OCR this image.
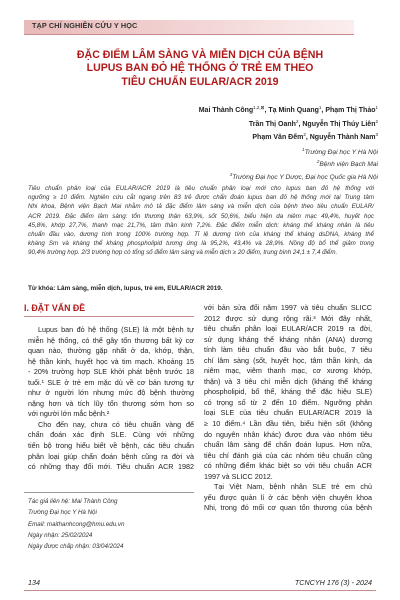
TẠP CHÍ NGHIÊN CỨU Y HỌC
ĐẶC ĐIỂM LÂM SÀNG VÀ MIỄN DỊCH CỦA BỆNH
LUPUS BAN ĐỎ HỆ THỐNG Ở TRẺ EM THEO
TIÊU CHUẨN EULAR/ACR 2019
Mai Thành Công$^{1,2,⊠}$, Tạ Minh Quang$^1$, Phạm Thị Thảo$^1$
Trần Thị Oanh$^2$, Nguyễn Thị Thúy Liên$^2$
Phạm Văn Đếm$^2$, Nguyễn Thành Nam$^3$
$^1$Trường Đại học Y Hà Nội
$^2$Bệnh viện Bạch Mai
$^3$Trường Đại học Y Dược, Đại học Quốc gia Hà Nội
Tiêu chuẩn phân loại của EULAR/ACR 2019 là tiêu chuẩn phân loại mới cho lupus ban đỏ hệ thống với
ngưỡng ≥ 10 điểm. Nghiên cứu cắt ngang trên 83 trẻ được chẩn đoán lupus ban đỏ hệ thống mới tại Trung tâm
Nhi khoa, Bệnh viện Bạch Mai nhằm mô tả đặc điểm lâm sàng và miễn dịch của bệnh theo tiêu chuẩn EULAR/
ACR 2019. Đặc điểm lâm sàng: tổn thương thận 63,9%, sốt 50,6%, biểu hiện da niêm mạc 49,4%, huyết học
45,8%, khớp 27,7%, thanh mạc 21,7%, tâm thần kinh 7,2%. Đặc điểm miễn dịch: kháng thể kháng nhân là tiêu
chuẩn đầu vào, dương tính trong 100% trường hợp. Tỉ lệ dương tính của kháng thể kháng dsDNA, kháng thể
kháng Sm và kháng thể kháng phospholipid tương ứng là 95,2%, 43,4% và 28,9%. Nồng độ bổ thể giảm trong
90,4% trường hợp. 2/3 trường hợp có tổng số điểm lâm sàng và miễn dịch ≥ 20 điểm, trung bình 24,1 ± 7,4 điểm.
Từ khóa: Lâm sàng, miễn dịch, lupus, trẻ em, EULAR/ACR 2019.
I. ĐẶT VẤN ĐỀ
Lupus ban đỏ hệ thống (SLE) là một bệnh tự
miễn hệ thống, có thể gây tổn thương bất kỳ cơ
quan nào, thường gặp nhất ở da, khớp, thận,
hệ thần kinh, huyết học và tim mạch. Khoảng 15
- 20% trường hợp SLE khởi phát bệnh trước 18
tuổi.¹ SLE ở trẻ em mặc dù về cơ bản tương tự
như ở người lớn nhưng mức độ bệnh thường
nặng hơn và tích lũy tổn thương sớm hơn so
với người lớn mắc bệnh.²
Cho đến nay, chưa có tiêu chuẩn vàng để
chẩn đoán xác định SLE. Cùng với những
tiến bộ trong hiểu biết về bệnh, các tiêu chuẩn
phân loại giúp chẩn đoán bệnh cũng ra đời và
có những thay đổi mới. Tiêu chuẩn ACR 1982
Tác giả liên hệ: Mai Thành Công
Trường Đại học Y Hà Nội
Email: maithanhcong@hmu.edu.vn
Ngày nhận: 25/02/2024
Ngày được chấp nhận: 03/04/2024
với bản sửa đổi năm 1997 và tiêu chuẩn SLICC
2012 được sử dụng rộng rãi.³ Mới đây nhất,
tiêu chuẩn phân loại EULAR/ACR 2019 ra đời,
sử dụng kháng thể kháng nhân (ANA) dương
tính làm tiêu chuẩn đầu vào bắt buộc, 7 tiêu
chí lâm sàng (sốt, huyết học, tâm thần kinh, da
niêm mạc, viêm thanh mạc, cơ xương khớp,
thận) và 3 tiêu chí miễn dịch (kháng thể kháng
phospholipid, bổ thể, kháng thể đặc hiệu SLE)
có trọng số từ 2 đến 10 điểm. Ngưỡng phân
loại SLE của tiêu chuẩn EULAR/ACR 2019 là
≥ 10 điểm.⁴ Lần đầu tiên, biểu hiện sốt (không
do nguyên nhân khác) được đưa vào nhóm tiêu
chuẩn lâm sàng để chẩn đoán lupus. Hơn nữa,
tiêu chí đánh giá của các nhóm tiêu chuẩn cũng
có những điểm khác biệt so với tiêu chuẩn ACR
1997 và SLICC 2012.
Tại Việt Nam, bệnh nhân SLE trẻ em chủ
yếu được quản lí ở các bệnh viện chuyên khoa
Nhi, trong đó mối cơ quan tổn thương của bệnh
134	TCNCYH 176 (3) - 2024
